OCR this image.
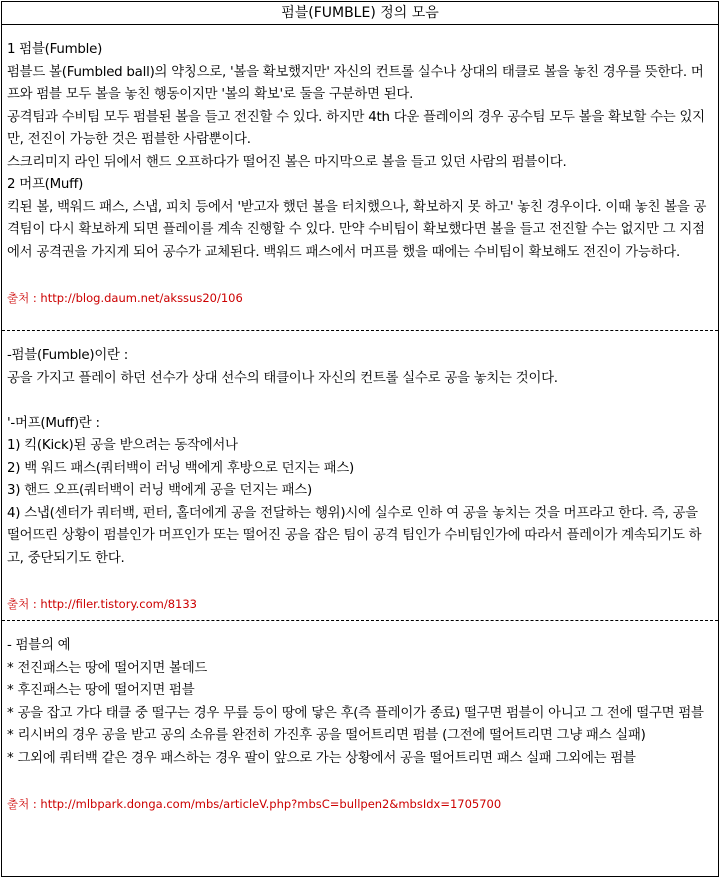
펌블(FUMBLE) 정의 모음
1 펌블(Fumble)
펌블드 볼(Fumbled ball)의 약칭으로, '볼을 확보했지만' 자신의 컨트롤 실수나 상대의 태클로 볼을 놓친 경우를 뜻한다. 머프와 펌블 모두 볼을 놓친 행동이지만 '볼의 확보'로 둘을 구분하면 된다.
공격팀과 수비팀 모두 펌블된 볼을 들고 전진할 수 있다. 하지만 4th 다운 플레이의 경우 공수팀 모두 볼을 확보할 수는 있지만, 전진이 가능한 것은 펌블한 사람뿐이다.
스크리미지 라인 뒤에서 핸드 오프하다가 떨어진 볼은 마지막으로 볼을 들고 있던 사람의 펌블이다.
2 머프(Muff)
킥된 볼, 백워드 패스, 스냅, 피치 등에서 '받고자 했던 볼을 터치했으나, 확보하지 못 하고' 놓친 경우이다. 이때 놓친 볼을 공격팀이 다시 확보하게 되면 플레이를 계속 진행할 수 있다. 만약 수비팀이 확보했다면 볼을 들고 전진할 수는 없지만 그 지점에서 공격권을 가지게 되어 공수가 교체된다. 백워드 패스에서 머프를 했을 때에는 수비팀이 확보해도 전진이 가능하다.
출처 : http://blog.daum.net/akssus20/106
-펌블(Fumble)이란 :
공을 가지고 플레이 하던 선수가 상대 선수의 태클이나 자신의 컨트롤 실수로 공을 놓치는 것이다.
'-머프(Muff)란 :
1) 킥(Kick)된 공을 받으려는 동작에서나
2) 백 워드 패스(쿼터백이 러닝 백에게 후방으로 던지는 패스)
3) 핸드 오프(쿼터백이 러닝 백에게 공을 던지는 패스)
4) 스냅(센터가 쿼터백, 펀터, 홀더에게 공을 전달하는 행위)시에 실수로 인하 여 공을 놓치는 것을 머프라고 한다. 즉, 공을 떨어뜨린 상황이 펌블인가 머프인가 또는 떨어진 공을 잡은 팀이 공격 팀인가 수비팀인가에 따라서 플레이가 계속되기도 하고, 중단되기도 한다.
출처 : http://filer.tistory.com/8133
- 펌블의 예
* 전진패스는 땅에 떨어지면 볼데드
* 후진패스는 땅에 떨어지면 펌블
* 공을 잡고 가다 태클 중 떨구는 경우 무릎 등이 땅에 닿은 후(즉 플레이가 종료) 떨구면 펌블이 아니고 그 전에 떨구면 펌블
* 리시버의 경우 공을 받고 공의 소유를 완전히 가진후 공을 떨어트리면 펌블 (그전에 떨어트리면 그냥 패스 실패)
* 그외에 쿼터백 같은 경우 패스하는 경우 팔이 앞으로 가는 상황에서 공을 떨어트리면 패스 실패 그외에는 펌블
출처 : http://mlbpark.donga.com/mbs/articleV.php?mbsC=bullpen2&mbsIdx=1705700
